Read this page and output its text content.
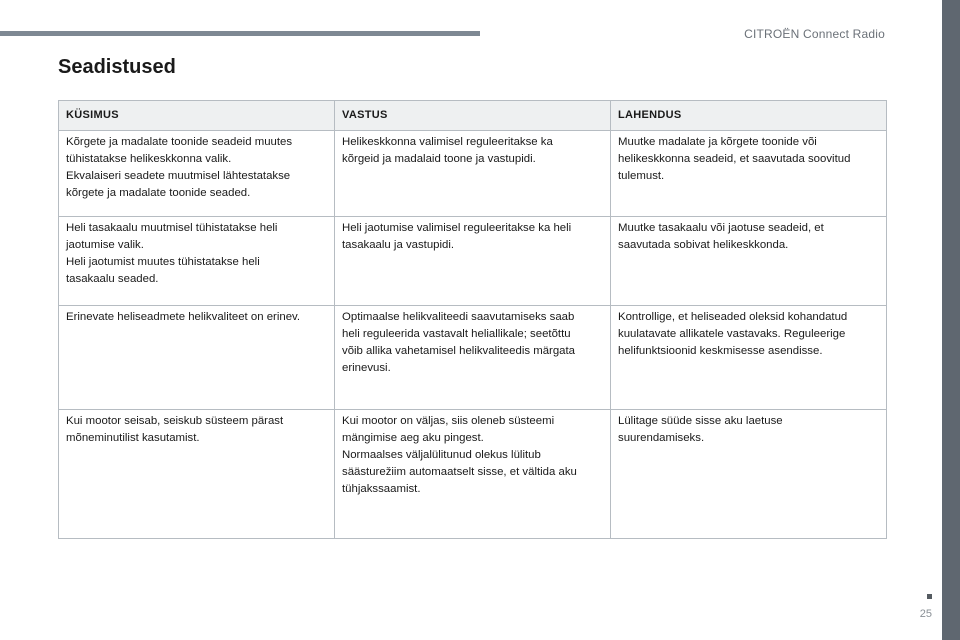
CITROËN Connect Radio
Seadistused
KÜSIMUS	VASTUS	LAHENDUS

Kõrgete ja madalate toonide seadeid muutes
tühistatakse helikeskkonna valik.
Ekvalaiseri seadete muutmisel lähtestatakse
kõrgete ja madalate toonide seaded.	Helikeskkonna valimisel reguleeritakse ka
kõrgeid ja madalaid toone ja vastupidi.	Muutke madalate ja kõrgete toonide või
helikeskkonna seadeid, et saavutada soovitud
tulemust.

Heli tasakaalu muutmisel tühistatakse heli
jaotumise valik.
Heli jaotumist muutes tühistatakse heli
tasakaalu seaded.	Heli jaotumise valimisel reguleeritakse ka heli
tasakaalu ja vastupidi.	Muutke tasakaalu või jaotuse seadeid, et
saavutada sobivat helikeskkonda.

Erinevate heliseadmete helikvaliteet on erinev.	Optimaalse helikvaliteedi saavutamiseks saab
heli reguleerida vastavalt heliallikale; seetõttu
võib allika vahetamisel helikvaliteedis märgata
erinevusi.	Kontrollige, et heliseaded oleksid kohandatud
kuulatavate allikatele vastavaks. Reguleerige
helifunktsioonid keskmisesse asendisse.

Kui mootor seisab, seiskub süsteem pärast
mõneminutilist kasutamist.	Kui mootor on väljas, siis oleneb süsteemi
mängimise aeg aku pingest.
Normaalses väljalülitunud olekus lülitub
säästurežiim automaatselt sisse, et vältida aku
tühjakssaamist.	Lülitage süüde sisse aku laetuse
suurendamiseks.
25
